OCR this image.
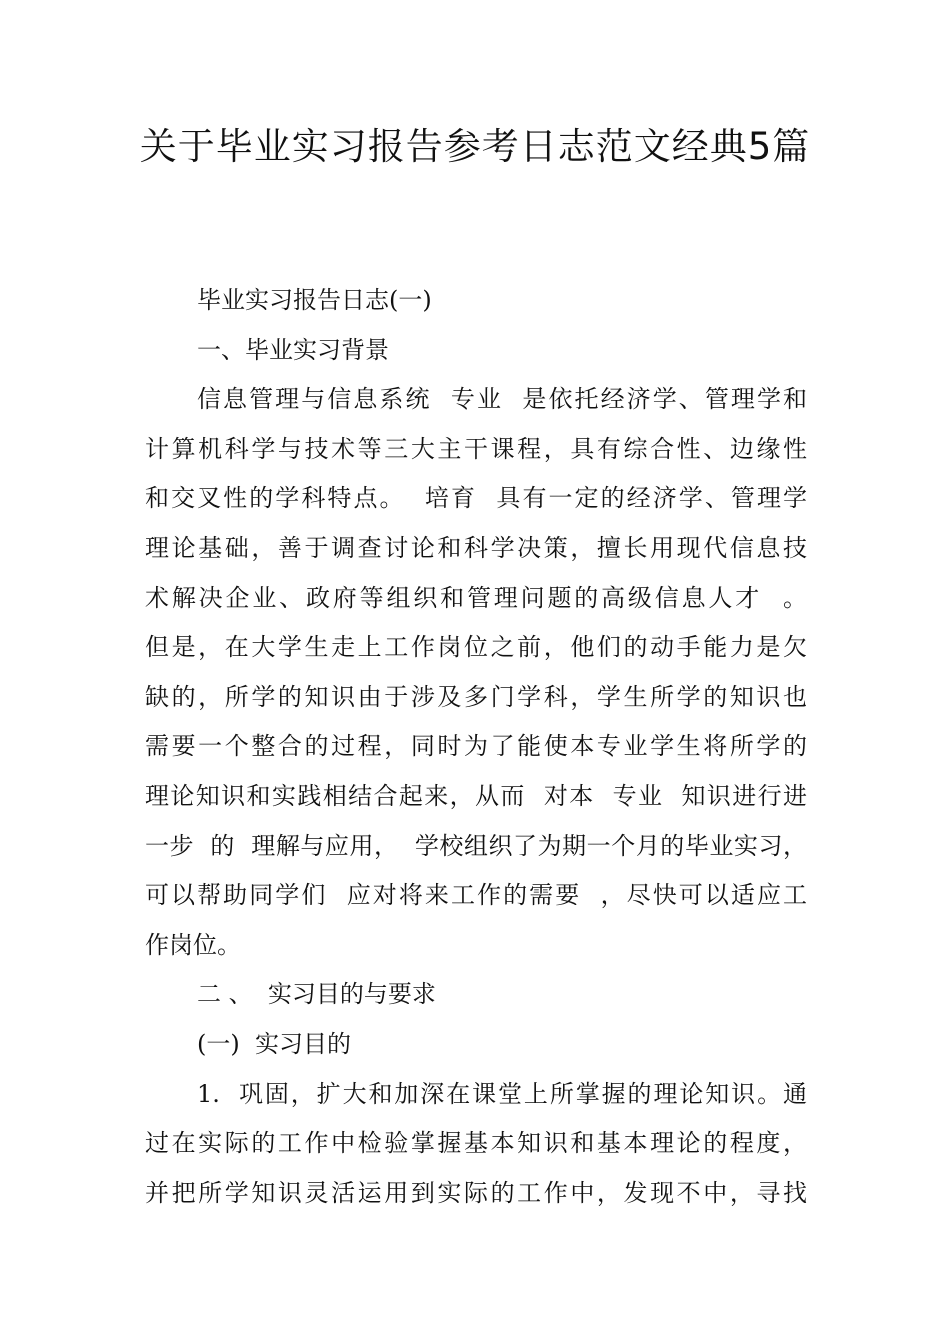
关于毕业实习报告参考日志范文经典5篇
毕业实习报告日志(一)
一、毕业实习背景
信息管理与信息系统  专业  是依托经济学、管理学和
计算机科学与技术等三大主干课程，具有综合性、边缘性
和交叉性的学科特点。  培育  具有一定的经济学、管理学
理论基础，善于调查讨论和科学决策，擅长用现代信息技
术解决企业、政府等组织和管理问题的高级信息人才  。
但是，在大学生走上工作岗位之前，他们的动手能力是欠
缺的，所学的知识由于涉及多门学科，学生所学的知识也
需要一个整合的过程，同时为了能使本专业学生将所学的
理论知识和实践相结合起来，从而  对本  专业  知识进行进
一步  的  理解与应用，  学校组织了为期一个月的毕业实习，
可以帮助同学们  应对将来工作的需要  ，尽快可以适应工
作岗位。
二 、  实习目的与要求
(一)  实习目的
1.  巩固，扩大和加深在课堂上所掌握的理论知识。通
过在实际的工作中检验掌握基本知识和基本理论的程度，
并把所学知识灵活运用到实际的工作中，发现不中，寻找
